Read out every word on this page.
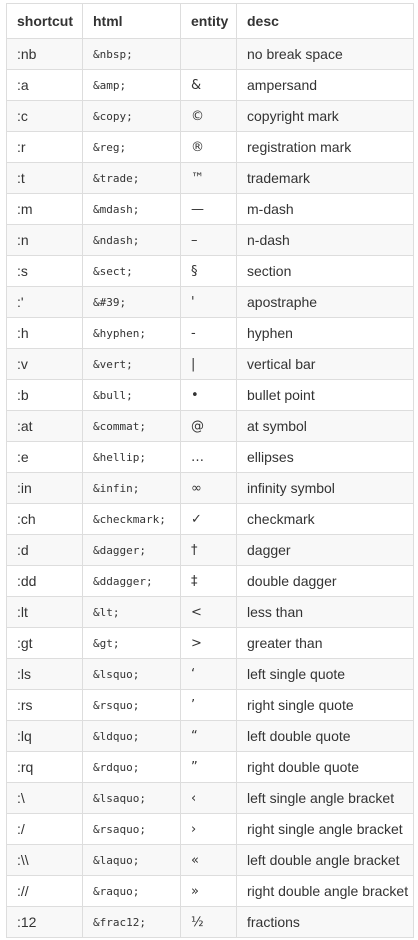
shortcut	html	entity	desc
:nb	&nbsp;		no break space
:a	&amp;	&	ampersand
:c	&copy;	©	copyright mark
:r	&reg;	®	registration mark
:t	&trade;	™	trademark
:m	&mdash;	—	m-dash
:n	&ndash;	–	n-dash
:s	&sect;	§	section
:'	&#39;	'	apostraphe
:h	&hyphen;	‐	hyphen
:v	&vert;	|	vertical bar
:b	&bull;	•	bullet point
:at	&commat;	@	at symbol
:e	&hellip;	…	ellipses
:in	&infin;	∞	infinity symbol
:ch	&checkmark;	✓	checkmark
:d	&dagger;	†	dagger
:dd	&ddagger;	‡	double dagger
:lt	&lt;	<	less than
:gt	&gt;	>	greater than
:ls	&lsquo;	‘	left single quote
:rs	&rsquo;	’	right single quote
:lq	&ldquo;	“	left double quote
:rq	&rdquo;	”	right double quote
:\	&lsaquo;	‹	left single angle bracket
:/	&rsaquo;	›	right single angle bracket
:\\	&laquo;	«	left double angle bracket
://	&raquo;	»	right double angle bracket
:12	&frac12;	½	fractions
